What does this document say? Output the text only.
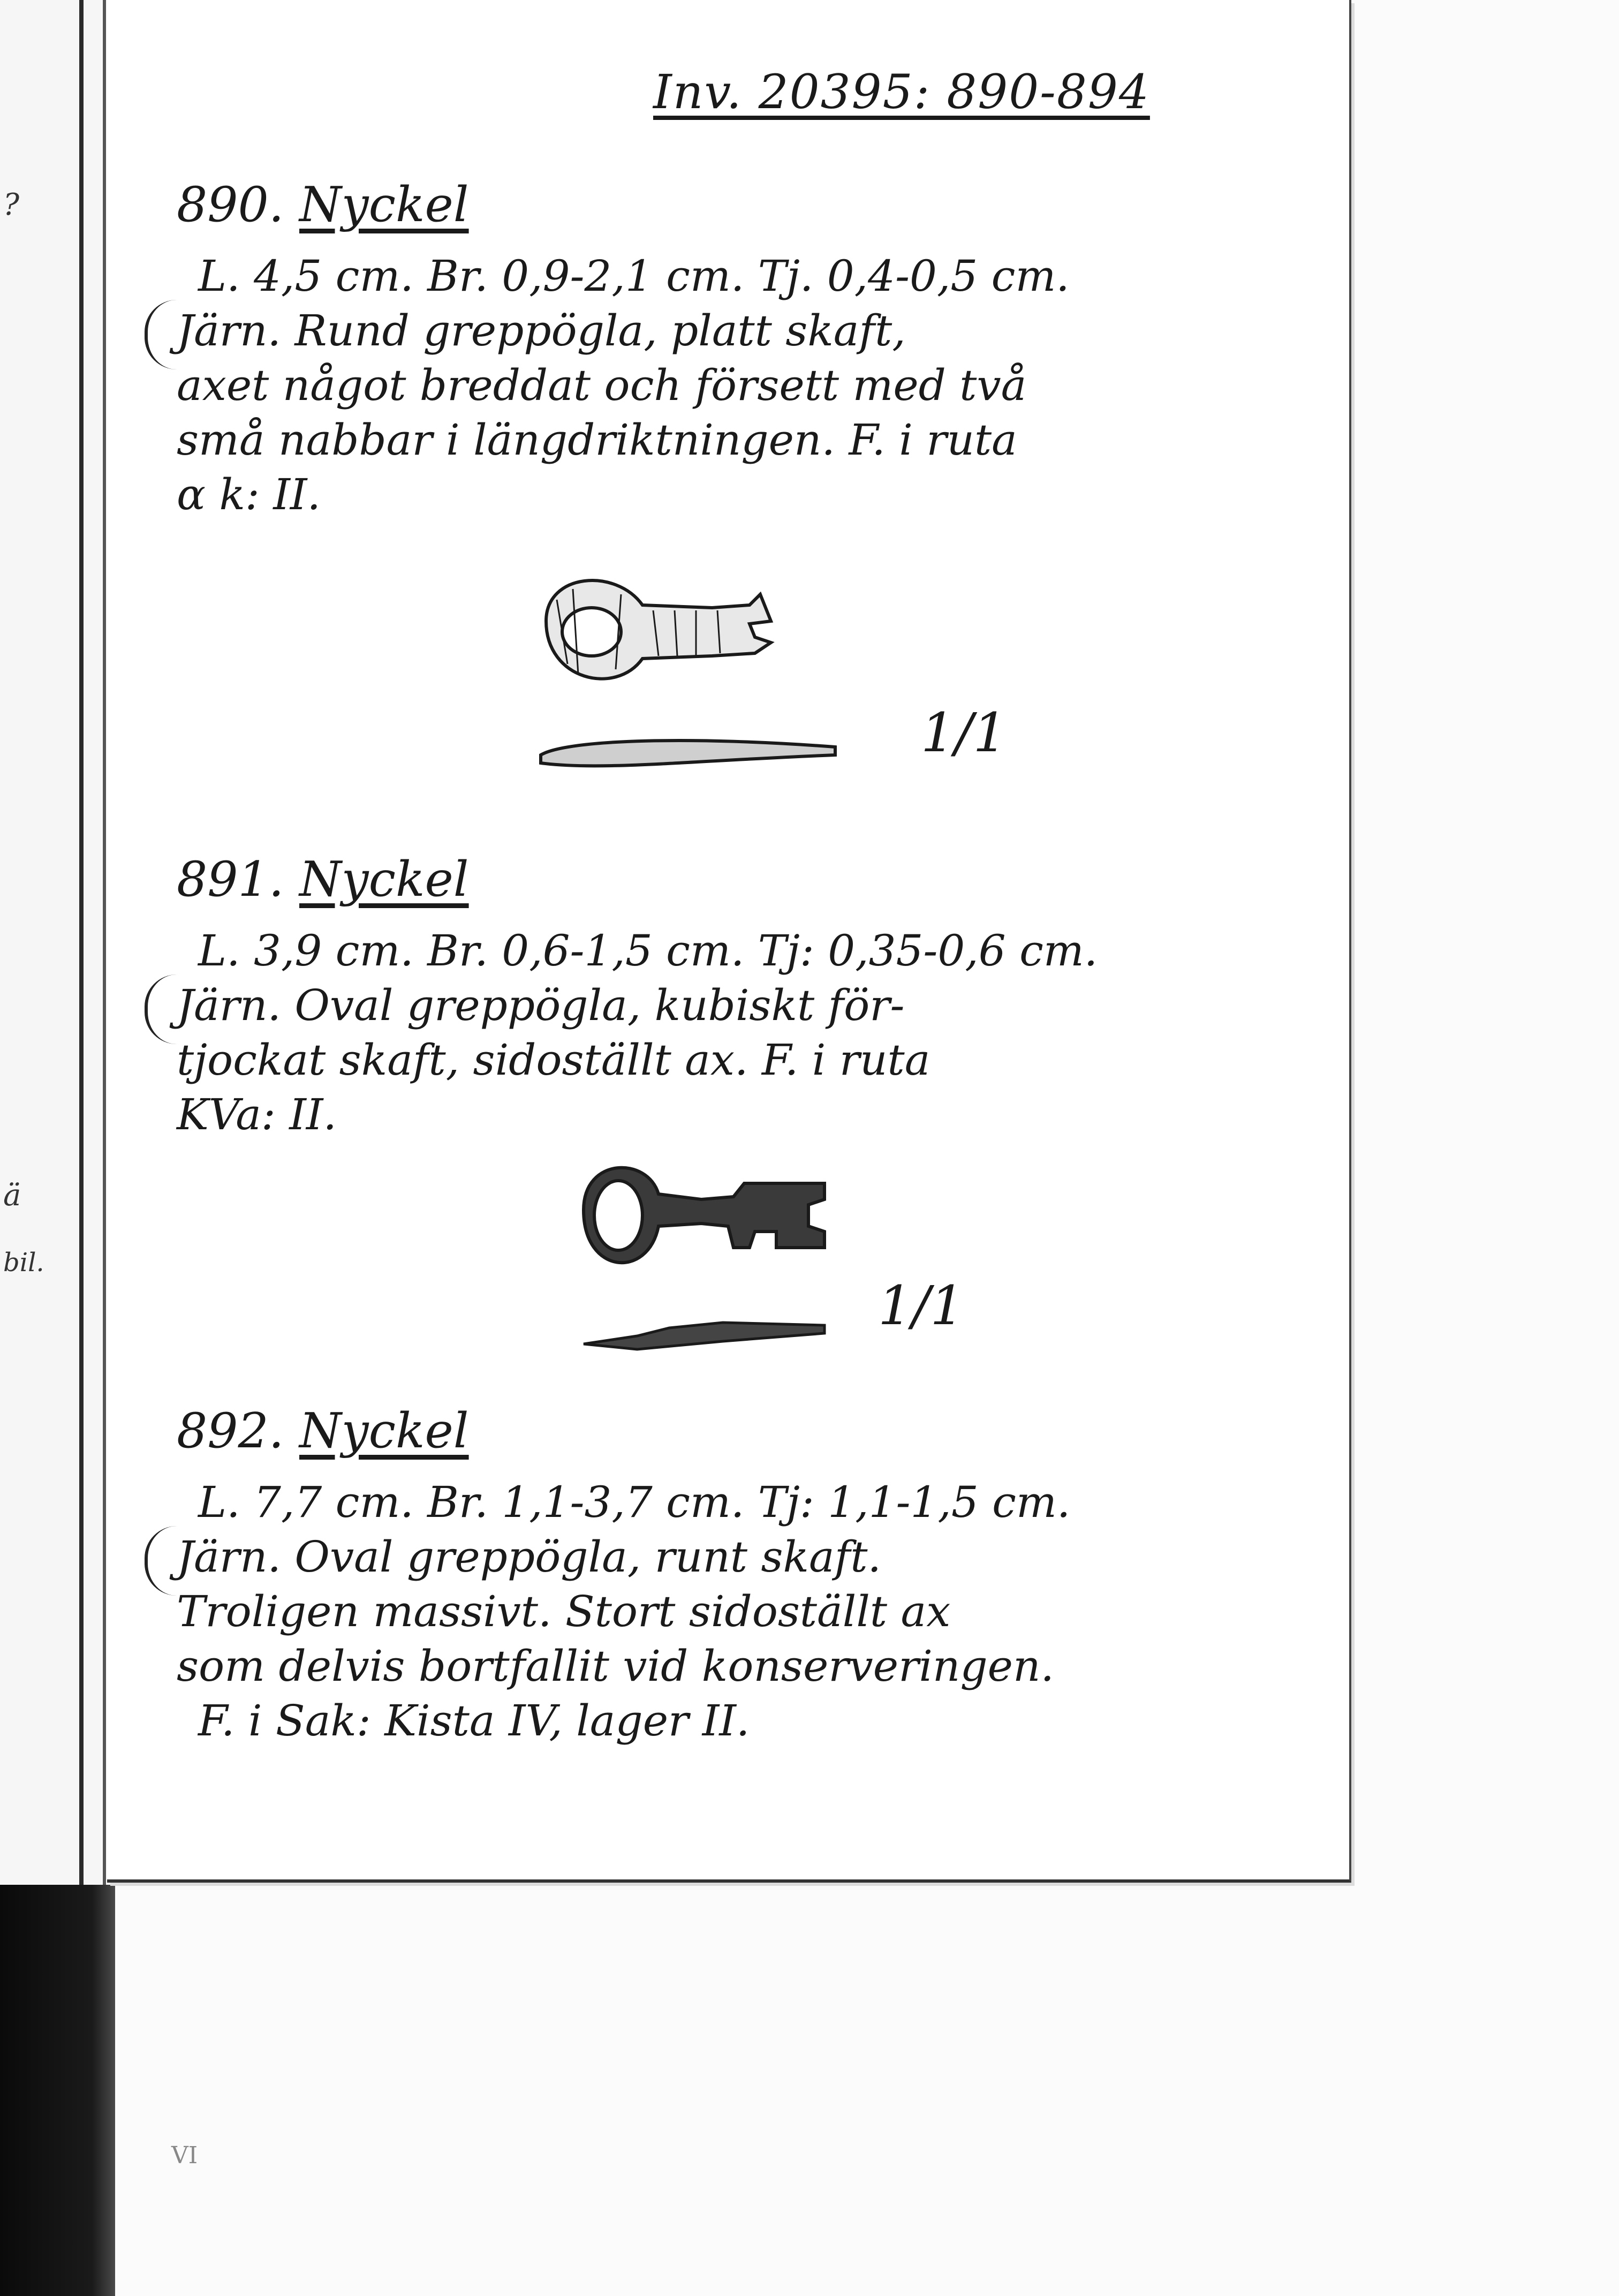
?
ä
bil.
Inv. 20395: 890-894
890. Nyckel
L. 4,5 cm. Br. 0,9-2,1 cm. Tj. 0,4-0,5 cm.
Järn. Rund greppögla, platt skaft,
axet något breddat och försett med två
små nabbar i längdriktningen. F. i ruta
α k: II.
1/1
891. Nyckel
L. 3,9 cm. Br. 0,6-1,5 cm. Tj: 0,35-0,6 cm.
Järn. Oval greppögla, kubiskt för-
tjockat skaft, sidoställt ax. F. i ruta
KVa: II.
1/1
892. Nyckel
L. 7,7 cm. Br. 1,1-3,7 cm. Tj: 1,1-1,5 cm.
Järn. Oval greppögla, runt skaft.
Troligen massivt. Stort sidoställt ax
som delvis bortfallit vid konserveringen.
F. i Sak: Kista IV, lager II.
VI
